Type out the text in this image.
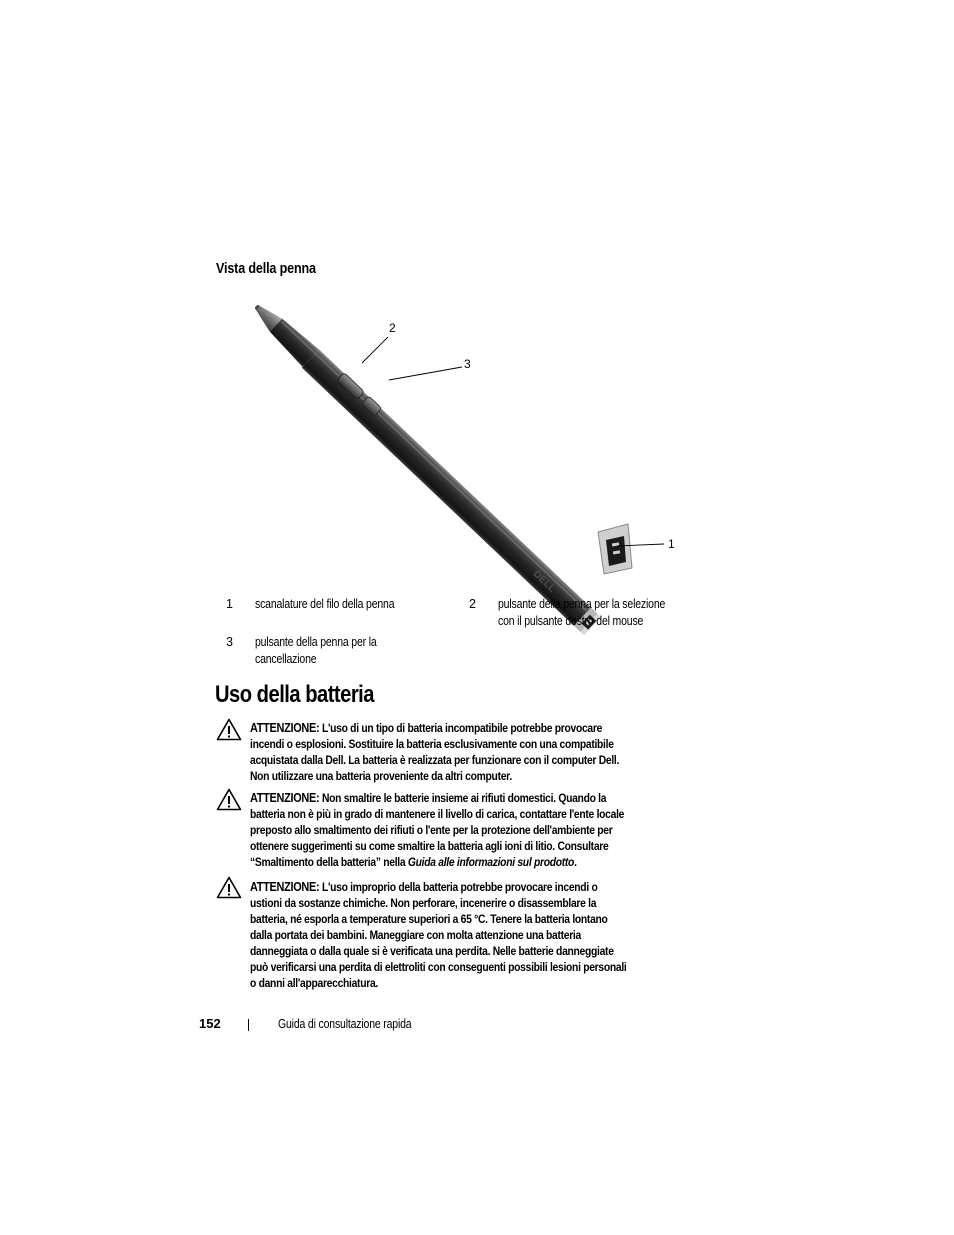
Vista della penna
DELL
2
3
1
1 scanalature del filo della penna	2 pulsante della penna per la selezione
con il pulsante destro del mouse
3 pulsante della penna per la
cancellazione
Uso della batteria
ATTENZIONE: L'uso di un tipo di batteria incompatibile potrebbe provocare
incendi o esplosioni. Sostituire la batteria esclusivamente con una compatibile
acquistata dalla Dell. La batteria è realizzata per funzionare con il computer Dell.
Non utilizzare una batteria proveniente da altri computer.
ATTENZIONE: Non smaltire le batterie insieme ai rifiuti domestici. Quando la
batteria non è più in grado di mantenere il livello di carica, contattare l'ente locale
preposto allo smaltimento dei rifiuti o l'ente per la protezione dell'ambiente per
ottenere suggerimenti su come smaltire la batteria agli ioni di litio. Consultare
“Smaltimento della batteria” nella Guida alle informazioni sul prodotto.
ATTENZIONE: L'uso improprio della batteria potrebbe provocare incendi o
ustioni da sostanze chimiche. Non perforare, incenerire o disassemblare la
batteria, né esporla a temperature superiori a 65 °C. Tenere la batteria lontano
dalla portata dei bambini. Maneggiare con molta attenzione una batteria
danneggiata o dalla quale si è verificata una perdita. Nelle batterie danneggiate
può verificarsi una perdita di elettroliti con conseguenti possibili lesioni personali
o danni all'apparecchiatura.
152	Guida di consultazione rapida
